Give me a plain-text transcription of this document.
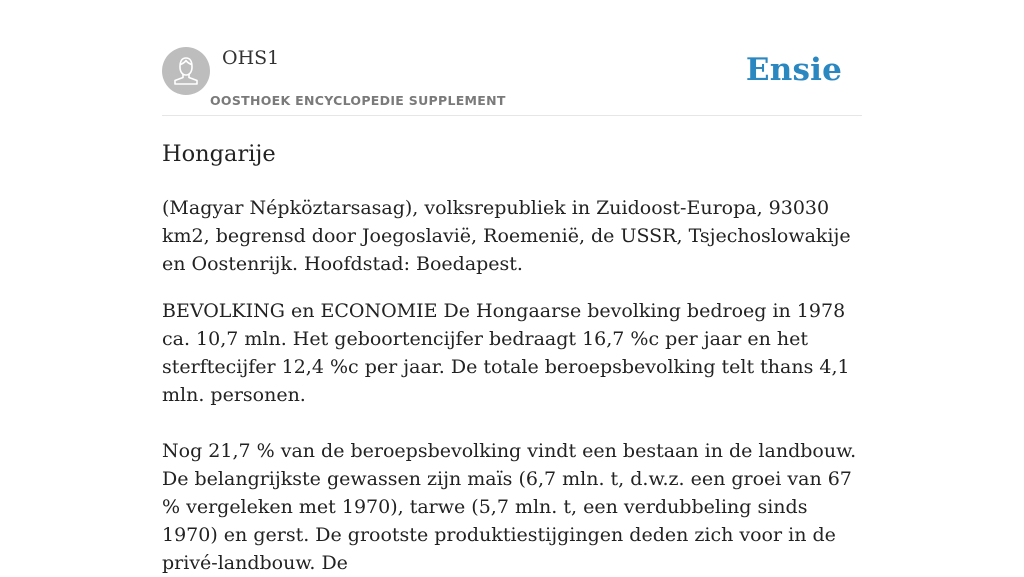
OHS1
OOSTHOEK ENCYCLOPEDIE SUPPLEMENT
Ensie
Hongarije

(Magyar Népköztarsasag), volksrepubliek in Zuidoost-Europa, 93030 km2, begrensd door Joegoslavië, Roemenië, de USSR, Tsjechoslowakije en Oostenrijk. Hoofdstad: Boedapest.

BEVOLKING en ECONOMIE De Hongaarse bevolking bedroeg in 1978 ca. 10,7 mln. Het geboortencijfer bedraagt 16,7 %c per jaar en het sterftecijfer 12,4 %c per jaar. De totale beroepsbevolking telt thans 4,1 mln. personen.

Nog 21,7 % van de beroepsbevolking vindt een bestaan in de landbouw. De belangrijkste gewassen zijn maïs (6,7 mln. t, d.w.z. een groei van 67 % vergeleken met 1970), tarwe (5,7 mln. t, een verdubbeling sinds 1970) en gerst. De grootste produktiestijgingen deden zich voor in de privé-landbouw. De
